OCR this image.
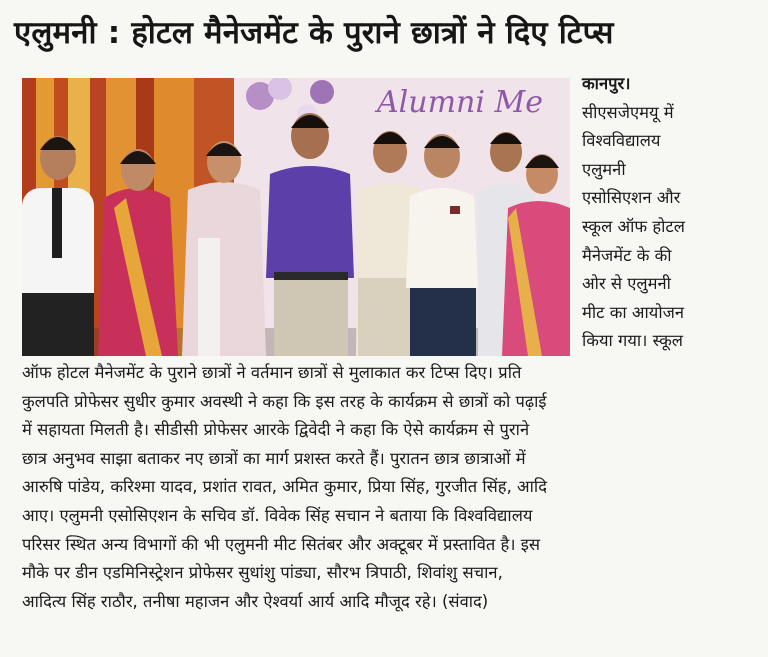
एलुमनी : होटल मैनेजमेंट के पुराने छात्रों ने दिए टिप्स
Alumni Me
कानपुर।
सीएसजेएमयू में
विश्वविद्यालय
एलुमनी
एसोसिएशन और
स्कूल ऑफ होटल
मैनेजमेंट के की
ओर से एलुमनी
मीट का आयोजन
किया गया। स्कूल
ऑफ होटल मैनेजमेंट के पुराने छात्रों ने वर्तमान छात्रों से मुलाकात कर टिप्स दिए। प्रति
कुलपति प्रोफेसर सुधीर कुमार अवस्थी ने कहा कि इस तरह के कार्यक्रम से छात्रों को पढ़ाई
में सहायता मिलती है। सीडीसी प्रोफेसर आरके द्विवेदी ने कहा कि ऐसे कार्यक्रम से पुराने
छात्र अनुभव साझा बताकर नए छात्रों का मार्ग प्रशस्त करते हैं। पुरातन छात्र छात्राओं में
आरुषि पांडेय, करिश्मा यादव, प्रशांत रावत, अमित कुमार, प्रिया सिंह, गुरजीत सिंह, आदि
आए। एलुमनी एसोसिएशन के सचिव डॉ. विवेक सिंह सचान ने बताया कि विश्वविद्यालय
परिसर स्थित अन्य विभागों की भी एलुमनी मीट सितंबर और अक्टूबर में प्रस्तावित है। इस
मौके पर डीन एडमिनिस्ट्रेशन प्रोफेसर सुधांशु पांड्या, सौरभ त्रिपाठी, शिवांशु सचान,
आदित्य सिंह राठौर, तनीषा महाजन और ऐश्वर्या आर्य आदि मौजूद रहे। (संवाद)
